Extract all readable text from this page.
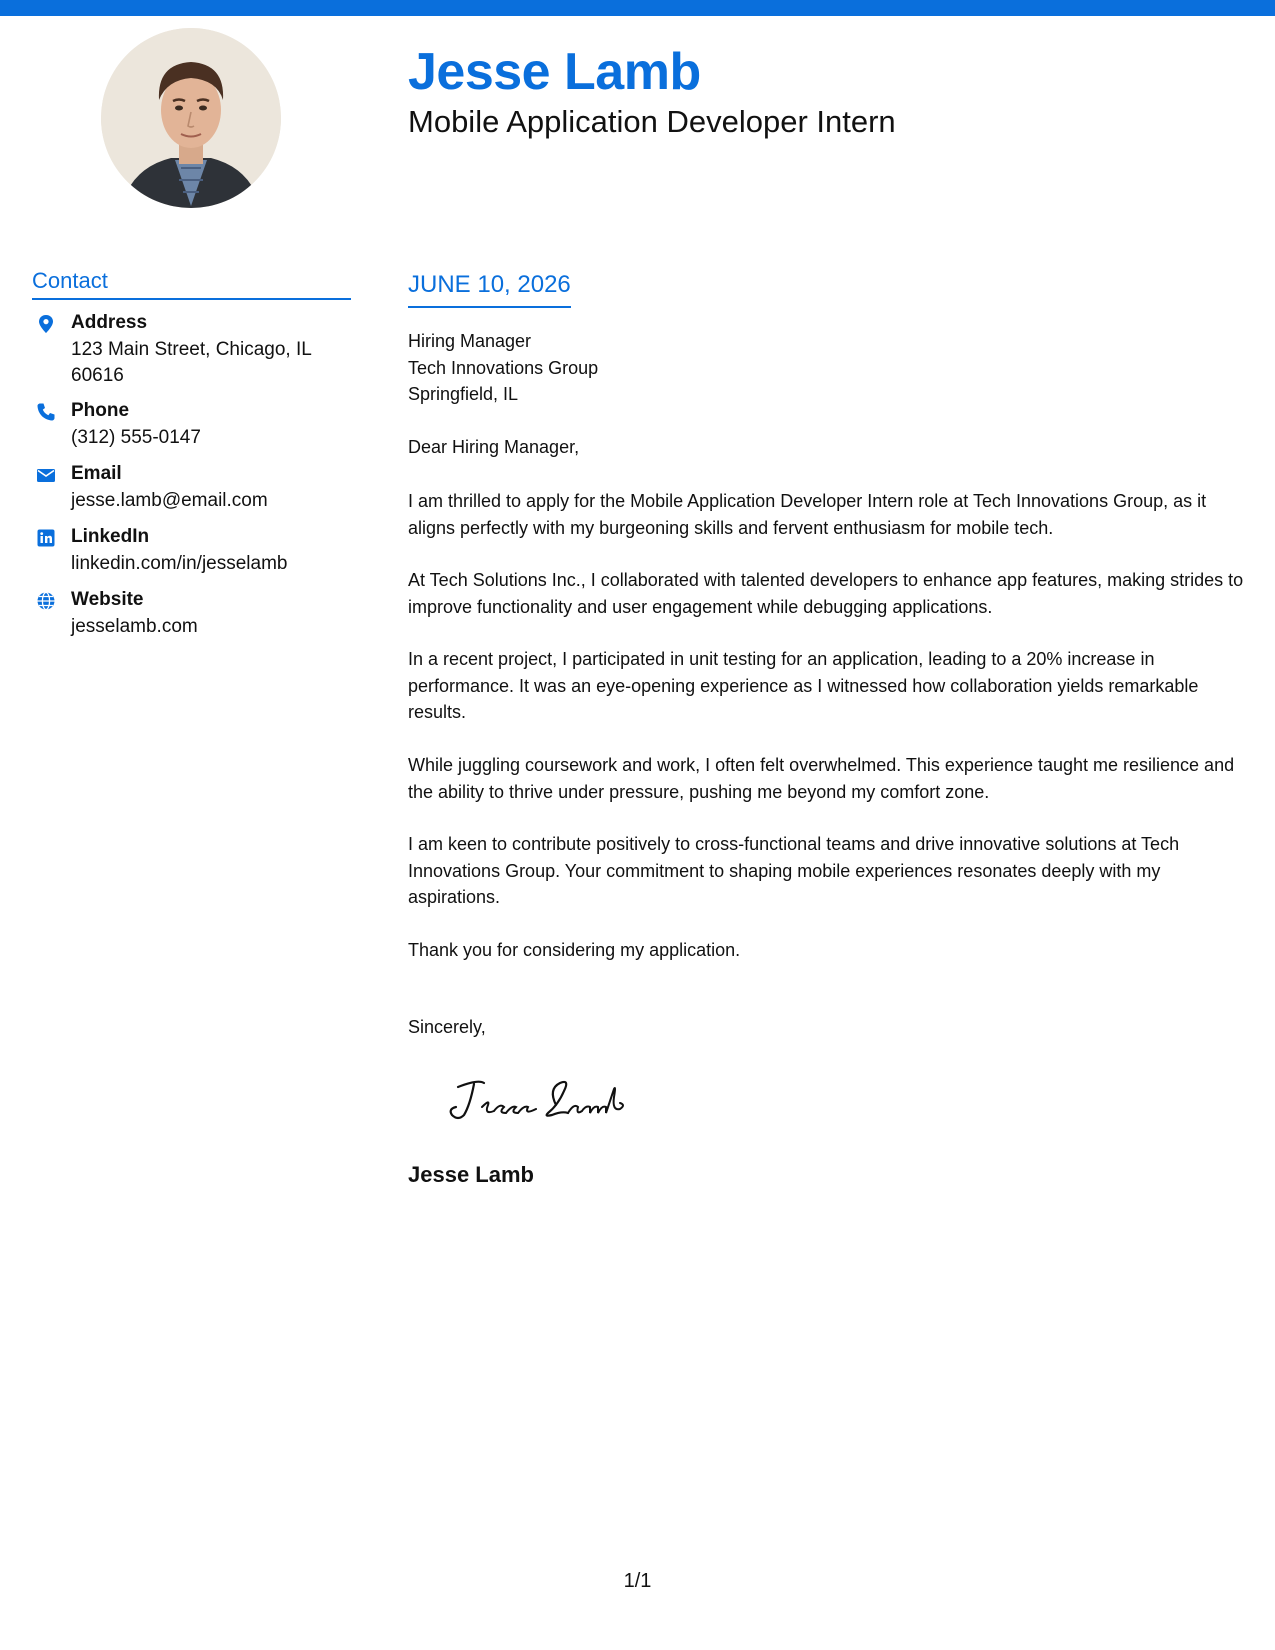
Jesse Lamb
Mobile Application Developer Intern
Contact
Address
123 Main Street, Chicago, IL 60616
Phone
(312) 555-0147
Email
jesse.lamb@email.com
LinkedIn
linkedin.com/in/jesselamb
Website
jesselamb.com
JUNE 10, 2026
Hiring Manager
Tech Innovations Group
Springfield, IL
Dear Hiring Manager,

I am thrilled to apply for the Mobile Application Developer Intern role at Tech Innovations Group, as it aligns perfectly with my burgeoning skills and fervent enthusiasm for mobile tech.

At Tech Solutions Inc., I collaborated with talented developers to enhance app features, making strides to improve functionality and user engagement while debugging applications.

In a recent project, I participated in unit testing for an application, leading to a 20% increase in performance. It was an eye-opening experience as I witnessed how collaboration yields remarkable results.

While juggling coursework and work, I often felt overwhelmed. This experience taught me resilience and the ability to thrive under pressure, pushing me beyond my comfort zone.

I am keen to contribute positively to cross-functional teams and drive innovative solutions at Tech Innovations Group. Your commitment to shaping mobile experiences resonates deeply with my aspirations.

Thank you for considering my application.

Sincerely,
Jesse Lamb
1/1
